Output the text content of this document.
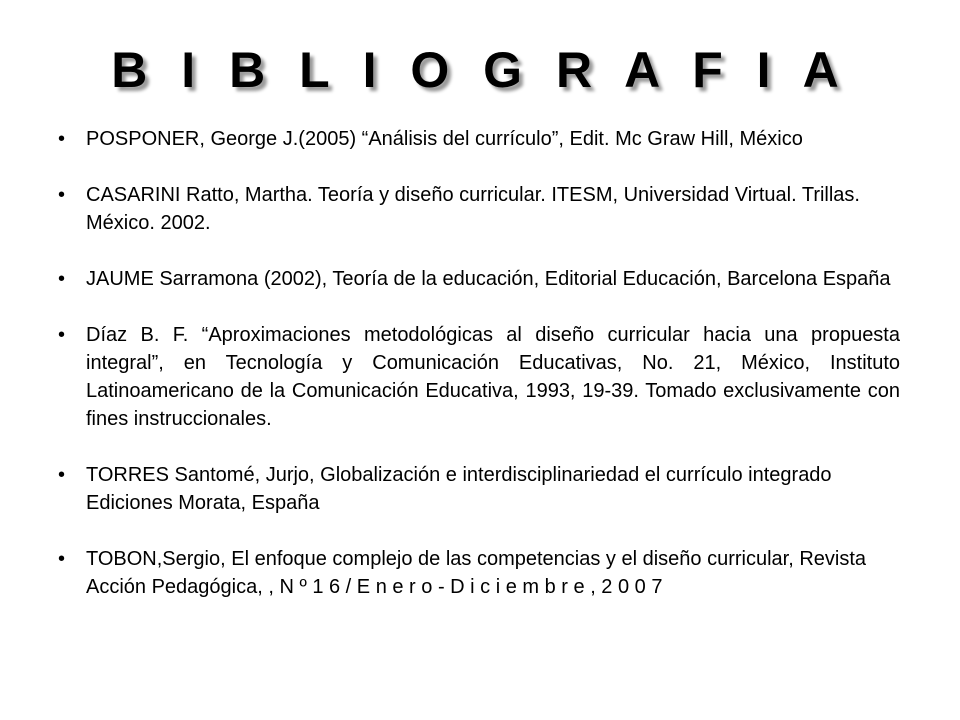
B I B L I O G R A F I A
• POSPONER, George J.(2005) “Análisis del currículo”, Edit. Mc Graw Hill, México
• CASARINI Ratto, Martha. Teoría y diseño curricular. ITESM, Universidad Virtual. Trillas. México. 2002.
• JAUME Sarramona (2002), Teoría de la educación, Editorial Educación, Barcelona España
• Díaz B. F. “Aproximaciones metodológicas al diseño curricular hacia una propuesta integral”, en Tecnología y Comunicación Educativas, No. 21, México, Instituto Latinoamericano de la Comunicación Educativa, 1993, 19-39. Tomado exclusivamente con fines instruccionales.
• TORRES Santomé, Jurjo, Globalización e interdisciplinariedad el currículo integrado Ediciones Morata, España
• TOBON,Sergio, El enfoque complejo de las competencias y el diseño curricular, Revista Acción Pedagógica, , N º 1 6 / E n e r o - D i c i e m b r e , 2 0 0 7
